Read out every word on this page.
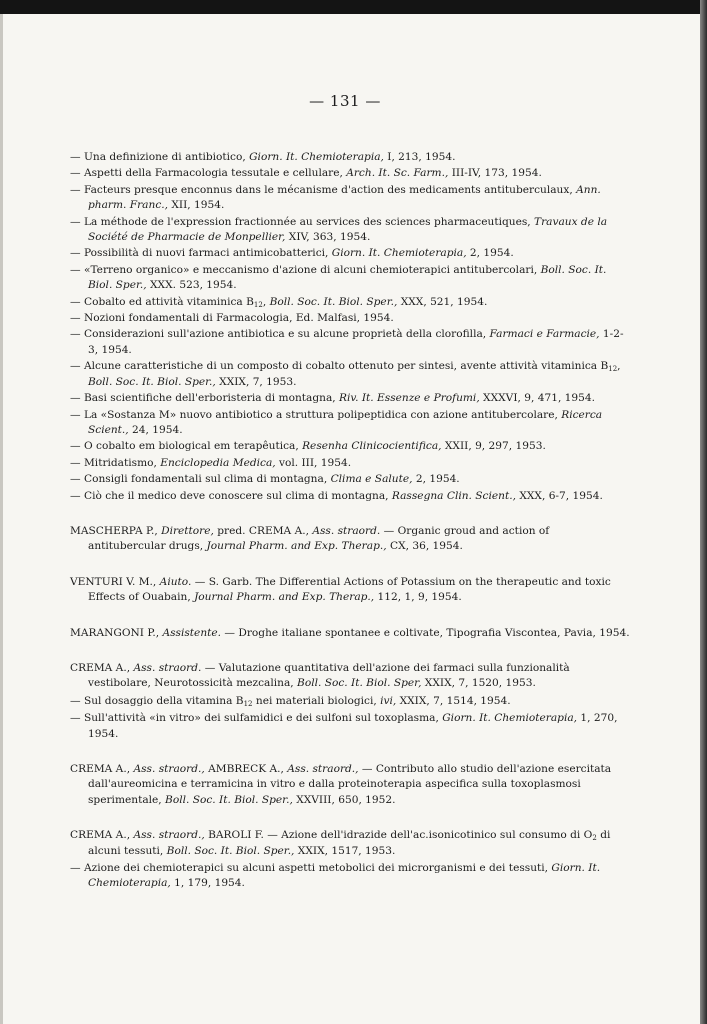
— 131 —
— Una definizione di antibiotico, Giorn. It. Chemioterapia, I, 213, 1954.
— Aspetti della Farmacologia tessutale e cellulare, Arch. It. Sc. Farm., III-IV, 173, 1954.
— Facteurs presque enconnus dans le mécanisme d'action des medicaments antituberculaux, Ann. pharm. Franc., XII, 1954.
— La méthode de l'expression fractionnée au services des sciences pharmaceutiques, Travaux de la Société de Pharmacie de Monpellier, XIV, 363, 1954.
— Possibilità di nuovi farmaci antimicobatterici, Giorn. It. Chemioterapia, 2, 1954.
— «Terreno organico» e meccanismo d'azione di alcuni chemioterapici antitubercolari, Boll. Soc. It. Biol. Sper., XXX. 523, 1954.
— Cobalto ed attività vitaminica $B_{12}$, Boll. Soc. It. Biol. Sper., XXX, 521, 1954.
— Nozioni fondamentali di Farmacologia, Ed. Malfasi, 1954.
— Considerazioni sull'azione antibiotica e su alcune proprietà della clorofilla, Farmaci e Farmacie, 1-2-3, 1954.
— Alcune caratteristiche di un composto di cobalto ottenuto per sintesi, avente attività vitaminica $B_{12}$, Boll. Soc. It. Biol. Sper., XXIX, 7, 1953.
— Basi scientifiche dell'erboristeria di montagna, Riv. It. Essenze e Profumi, XXXVI, 9, 471, 1954.
— La «Sostanza M» nuovo antibiotico a struttura polipeptidica con azione antitubercolare, Ricerca Scient., 24, 1954.
— O cobalto em biological em terapêutica, Resenha Clinicocientifica, XXII, 9, 297, 1953.
— Mitridatismo, Enciclopedia Medica, vol. III, 1954.
— Consigli fondamentali sul clima di montagna, Clima e Salute, 2, 1954.
— Ciò che il medico deve conoscere sul clima di montagna, Rassegna Clin. Scient., XXX, 6-7, 1954.
MASCHERPA P., Direttore, pred. CREMA A., Ass. straord. — Organic groud and action of antitubercular drugs, Journal Pharm. and Exp. Therap., CX, 36, 1954.
VENTURI V. M., Aiuto. — S. Garb. The Differential Actions of Potassium on the therapeutic and toxic Effects of Ouabain, Journal Pharm. and Exp. Therap., 112, 1, 9, 1954.
MARANGONI P., Assistente. — Droghe italiane spontanee e coltivate, Tipografia Viscontea, Pavia, 1954.
CREMA A., Ass. straord. — Valutazione quantitativa dell'azione dei farmaci sulla funzionalità vestibolare, Neurotossicità mezcalina, Boll. Soc. It. Biol. Sper, XXIX, 7, 1520, 1953.
— Sul dosaggio della vitamina $B_{12}$ nei materiali biologici, ivi, XXIX, 7, 1514, 1954.
— Sull'attività «in vitro» dei sulfamidici e dei sulfoni sul toxoplasma, Giorn. It. Chemioterapia, 1, 270, 1954.
CREMA A., Ass. straord., AMBRECK A., Ass. straord., — Contributo allo studio dell'azione esercitata dall'aureomicina e terramicina in vitro e dalla proteinoterapia aspecifica sulla toxoplasmosi sperimentale, Boll. Soc. It. Biol. Sper., XXVIII, 650, 1952.
CREMA A., Ass. straord., BAROLI F. — Azione dell'idrazide dell'ac.isonicotinico sul consumo di $O_2$ di alcuni tessuti, Boll. Soc. It. Biol. Sper., XXIX, 1517, 1953.
— Azione dei chemioterapici su alcuni aspetti metobolici dei microrganismi e dei tessuti, Giorn. It. Chemioterapia, 1, 179, 1954.
